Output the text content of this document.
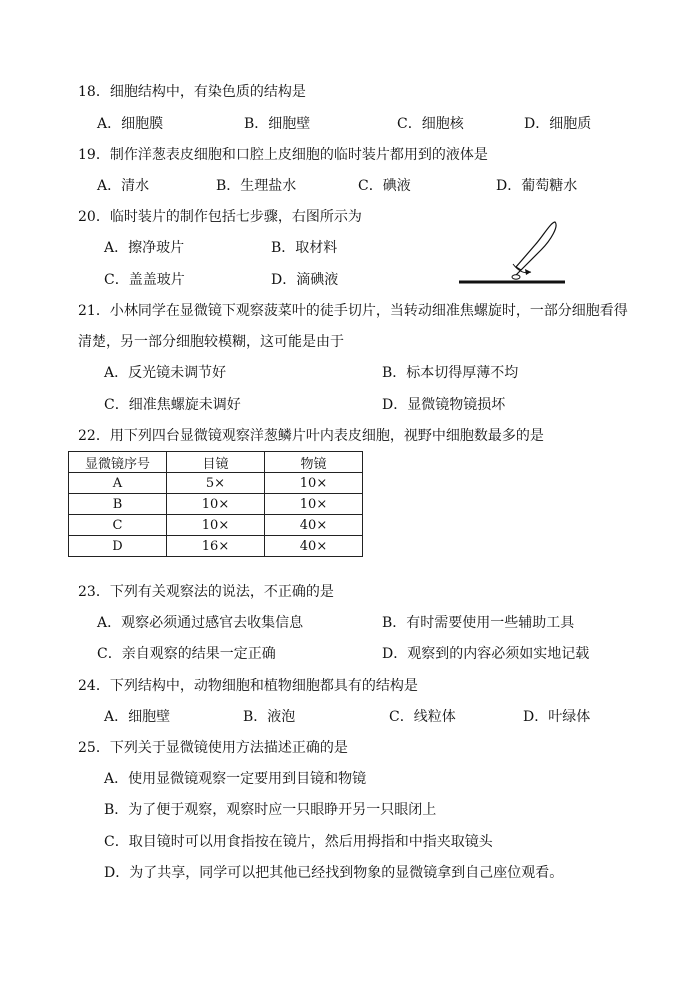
18．细胞结构中，有染色质的结构是
A．细胞膜	B．细胞壁	C．细胞核	D．细胞质
19．制作洋葱表皮细胞和口腔上皮细胞的临时装片都用到的液体是
A．清水	B．生理盐水	C．碘液	D．葡萄糖水
20．临时装片的制作包括七步骤，右图所示为
A．擦净玻片	B．取材料
C．盖盖玻片	D．滴碘液
21．小林同学在显微镜下观察菠菜叶的徒手切片，当转动细准焦螺旋时，一部分细胞看得
清楚，另一部分细胞较模糊，这可能是由于
A．反光镜未调节好	B．标本切得厚薄不均
C．细准焦螺旋未调好	D．显微镜物镜损坏
22．用下列四台显微镜观察洋葱鳞片叶内表皮细胞，视野中细胞数最多的是
显微镜序号	目镜	物镜
A	5×	10×
B	10×	10×
C	10×	40×
D	16×	40×
23．下列有关观察法的说法，不正确的是
A．观察必须通过感官去收集信息	B．有时需要使用一些辅助工具
C．亲自观察的结果一定正确	D．观察到的内容必须如实地记载
24．下列结构中，动物细胞和植物细胞都具有的结构是
A．细胞壁	B．液泡	C．线粒体	D．叶绿体
25．下列关于显微镜使用方法描述正确的是
A．使用显微镜观察一定要用到目镜和物镜
B．为了便于观察，观察时应一只眼睁开另一只眼闭上
C．取目镜时可以用食指按在镜片，然后用拇指和中指夹取镜头
D．为了共享，同学可以把其他已经找到物象的显微镜拿到自己座位观看。
